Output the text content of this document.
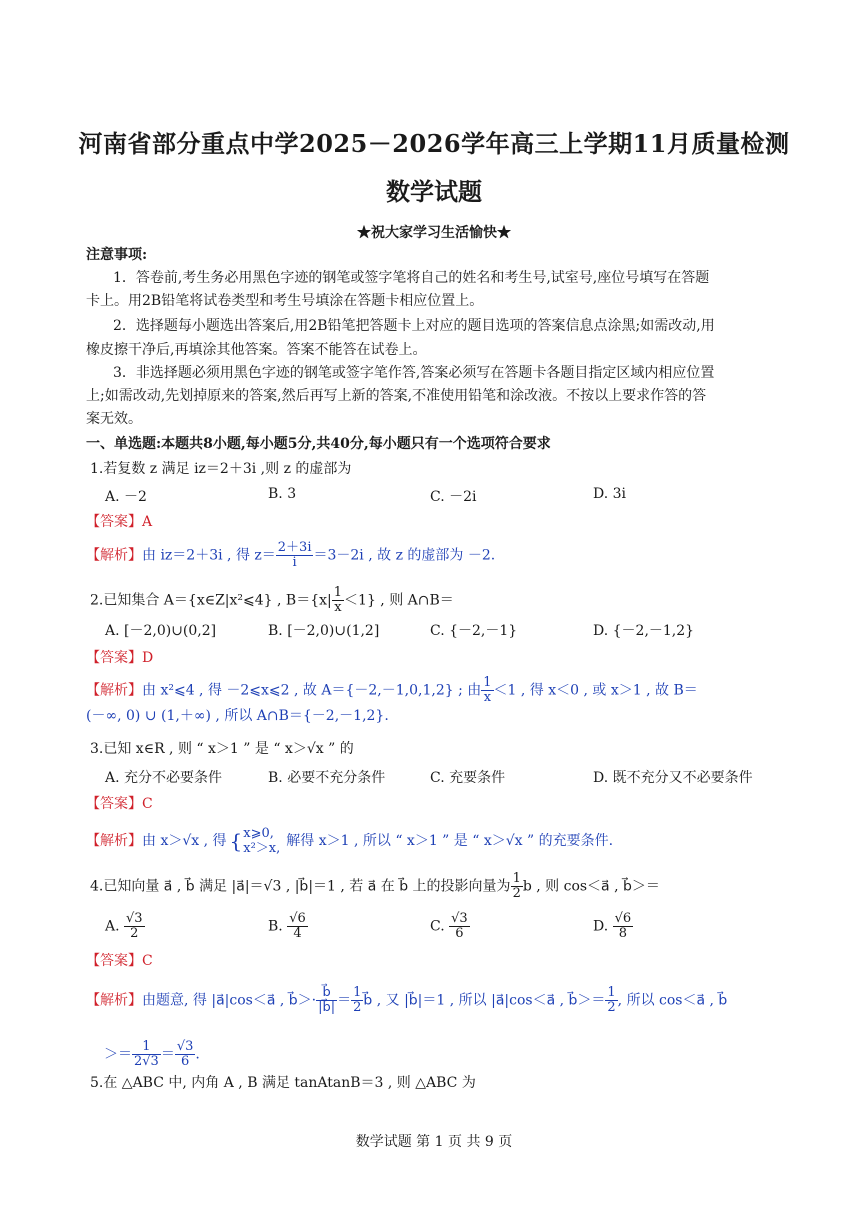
河南省部分重点中学2025－2026学年高三上学期11月质量检测
数学试题
★祝大家学习生活愉快★
注意事项:
1．答卷前,考生务必用黑色字迹的钢笔或签字笔将自己的姓名和考生号,试室号,座位号填写在答题
卡上。用2B铅笔将试卷类型和考生号填涂在答题卡相应位置上。
2．选择题每小题选出答案后,用2B铅笔把答题卡上对应的题目选项的答案信息点涂黑;如需改动,用
橡皮擦干净后,再填涂其他答案。答案不能答在试卷上。
3．非选择题必须用黑色字迹的钢笔或签字笔作答,答案必须写在答题卡各题目指定区域内相应位置
上;如需改动,先划掉原来的答案,然后再写上新的答案,不准使用铅笔和涂改液。不按以上要求作答的答
案无效。
一、单选题:本题共8小题,每小题5分,共40分,每小题只有一个选项符合要求
1.若复数 z 满足 iz＝2＋3i ,则 z 的虚部为
A. －2	B. 3	C. －2i	D. 3i
【答案】A
【解析】由 iz＝2＋3i , 得 $z= \frac{2+3i}{i} =3-2i$ , 故 z 的虚部为 －2.
2.已知集合 A＝{x∈Z|x²⩽4} , $B=\{x| \frac{1}{x} <1\}$ , 则 A∩B＝
A. [－2,0)∪(0,2]	B. [－2,0)∪(1,2]	C. {－2,－1}	D. {－2,－1,2}
【答案】D
【解析】由 x²⩽4 , 得 －2⩽x⩽2 , 故 A＝{－2,－1,0,1,2} ; 由 $\frac{1}{x} <1$ , 得 x＜0 , 或 x＞1 , 故 B＝
(－∞, 0) ∪ (1,＋∞) , 所以 A∩B＝{－2,－1,2}.
3.已知 x∈R , 则 “ x＞1 ” 是 “ x＞√x ” 的
A. 充分不必要条件	B. 必要不充分条件	C. 充要条件	D. 既不充分又不必要条件
【答案】C
【解析】由 x＞√x , 得 { x⩾0,
x²＞x, 解得 x＞1 , 所以 “ x＞1 ” 是 “ x＞√x ” 的充要条件.
4.已知向量 a⃗ , b⃗ 满足 |a⃗|＝√3 , |b⃗|＝1 , 若 a⃗ 在 b⃗ 上的投影向量为 $\frac{1}{2}$ b , 则 cos＜a⃗ , b⃗＞＝
A. $\frac{√3}{2}$	B. $\frac{√6}{4}$	C. $\frac{√3}{6}$	D. $\frac{√6}{8}$
【答案】C
【解析】由题意, 得 |a⃗|cos＜a⃗ , b⃗＞· $\frac{b⃗}{|b⃗|} = \frac{1}{2}$ b⃗ , 又 |b⃗|＝1 , 所以 |a⃗|cos＜a⃗ , b⃗＞＝ $\frac{1}{2}$ , 所以 cos＜a⃗ , b⃗
＞＝ $\frac{1}{2√3} = \frac{√3}{6}$ .
5.在 △ABC 中, 内角 A , B 满足 tanAtanB＝3 , 则 △ABC 为
数学试题 第 1 页 共 9 页
